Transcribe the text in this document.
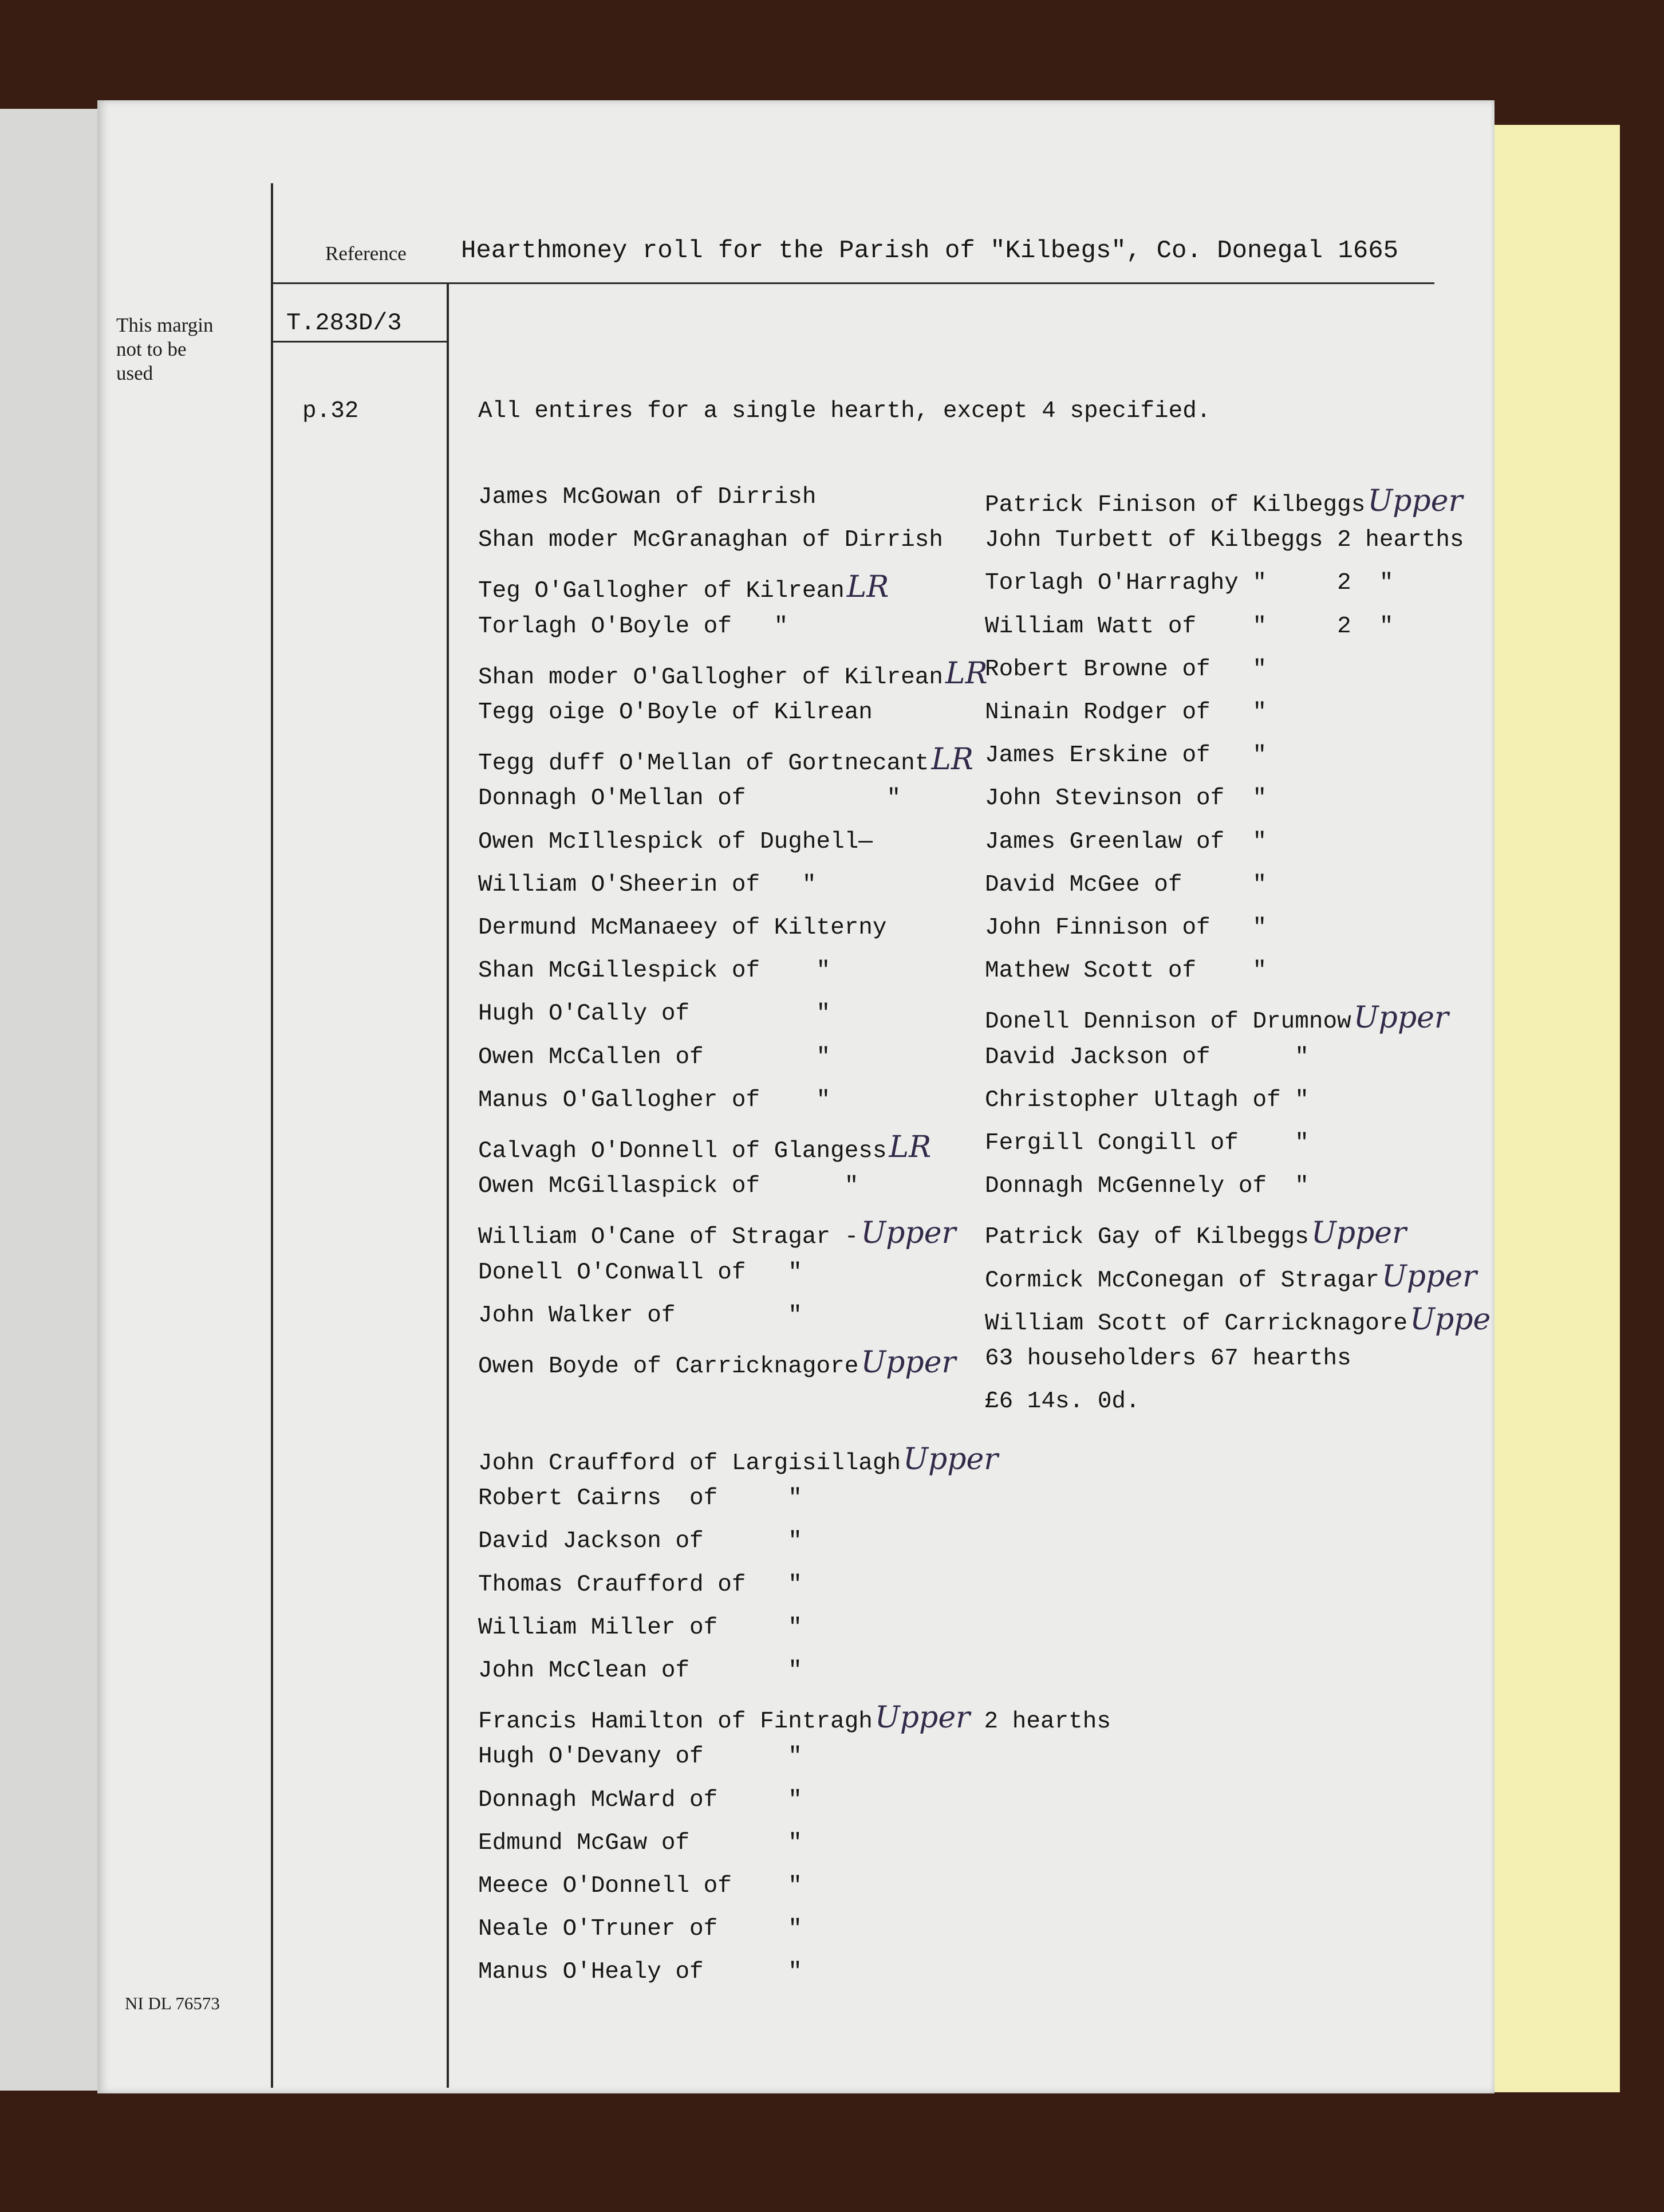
This margin
not to be
used
NI DL 76573
Reference Hearthmoney roll for the Parish of "Kilbegs", Co. Donegal 1665
T.283D/3
p.32	All entires for a single hearth, except 4 specified.
James McGowan of Dirrish
Shan moder McGranaghan of Dirrish
Teg O'Gallogher of KilreanLR
Torlagh O'Boyle of   "
Shan moder O'Gallogher of KilreanLR
Tegg oige O'Boyle of Kilrean
Tegg duff O'Mellan of GortnecantLR
Donnagh O'Mellan of          "
Owen McIllespick of Dughell—
William O'Sheerin of   "
Dermund McManaeey of Kilterny
Shan McGillespick of    "
Hugh O'Cally of         "
Owen McCallen of        "
Manus O'Gallogher of    "
Calvagh O'Donnell of GlangessLR
Owen McGillaspick of      "
William O'Cane of Stragar -Upper
Donell O'Conwall of   "
John Walker of        "
Owen Boyde of CarricknagoreUpper
Patrick Finison of KilbeggsUpper
John Turbett of Kilbeggs 2 hearths
Torlagh O'Harraghy "     2  "
William Watt of    "     2  "
Robert Browne of   "
Ninain Rodger of   "
James Erskine of   "
John Stevinson of  "
James Greenlaw of  "
David McGee of     "
John Finnison of   "
Mathew Scott of    "
Donell Dennison of DrumnowUpper
David Jackson of      "
Christopher Ultagh of "
Fergill Congill of    "
Donnagh McGennely of  "
Patrick Gay of KilbeggsUpper
Cormick McConegan of StragarUpper
William Scott of CarricknagoreUppe
63 householders 67 hearths
£6 14s. 0d.
John Craufford of LargisillaghUpper
Robert Cairns  of     "
David Jackson of      "
Thomas Craufford of   "
William Miller of     "
John McClean of       "
Francis Hamilton of FintraghUpper 2 hearths
Hugh O'Devany of      "
Donnagh McWard of     "
Edmund McGaw of       "
Meece O'Donnell of    "
Neale O'Truner of     "
Manus O'Healy of      "
